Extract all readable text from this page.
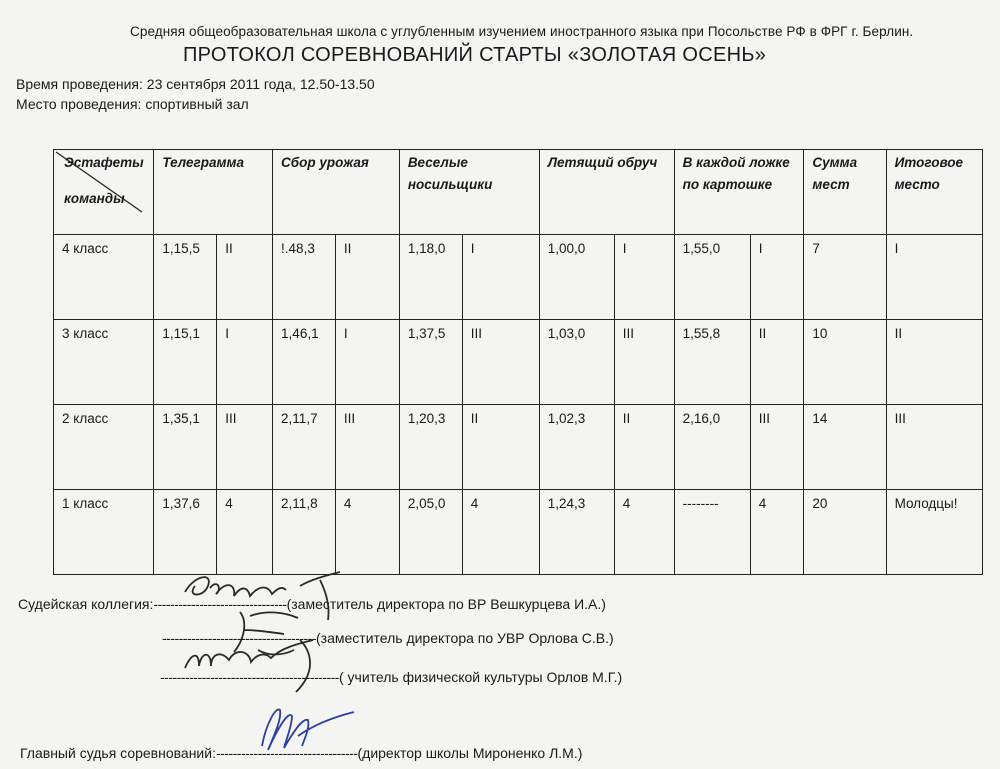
Средняя общеобразовательная школа с углубленным изучением иностранного языка при Посольстве РФ в ФРГ г. Берлин.
ПРОТОКОЛ СОРЕВНОВАНИЙ СТАРТЫ «ЗОЛОТАЯ ОСЕНЬ»
Время проведения: 23 сентября 2011 года, 12.50-13.50
Место проведения: спортивный зал
Эстафеты
команды	Телеграмма		Сбор урожая		Веселые носильщики		Летящий обруч		В каждой ложке по картошке		Сумма мест	Итоговое место
4 класс	1,15,5	II	!.48,3	II	1,18,0	I	1,00,0	I	1,55,0	I	7	I
3 класс	1,15,1	I	1,46,1	I	1,37,5	III	1,03,0	III	1,55,8	II	10	II
2 класс	1,35,1	III	2,11,7	III	1,20,3	II	1,02,3	II	2,16,0	III	14	III
1 класс	1,37,6	4	2,11,8	4	2,05,0	4	1,24,3	4	--------	4	20	Молодцы!
Судейская коллегия:--------------------------------(заместитель директора по ВР Вешкурцева И.А.)
-------------------------------------(заместитель директора по УВР Орлова С.В.)
-------------------------------------------( учитель физической культуры Орлов М.Г.)
Главный судья соревнований:----------------------------------(директор школы Мироненко Л.М.)
